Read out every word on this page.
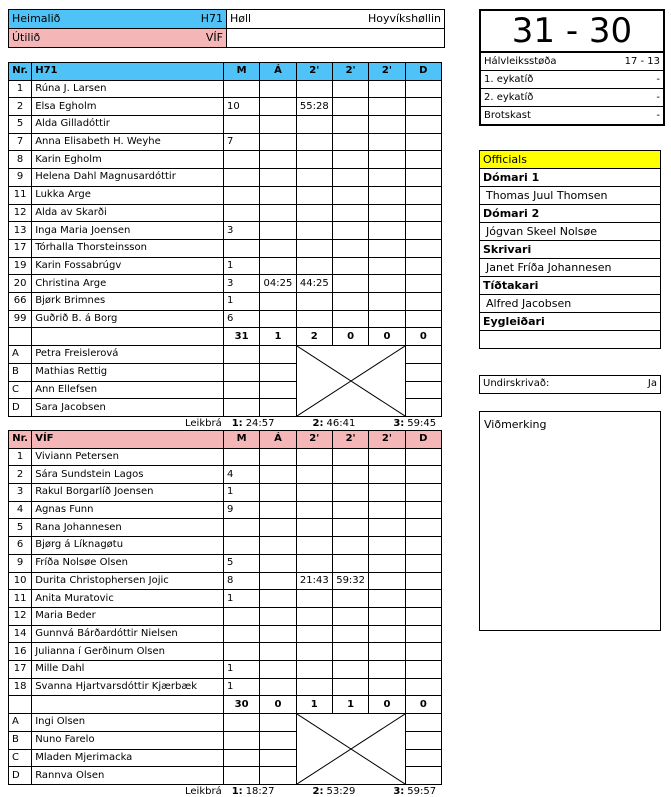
Heimalið H71	Høll Hoyvíkshøllin

Útilið VÍF	
		31 - 30
Hálvleiksstøða	17 - 13

1. eykatíð	-

2. eykatíð	-

Brotskast	-
Officials
Dómari 1
Thomas Juul Thomsen
Dómari 2
Jógvan Skeel Nolsøe
Skrivari
Janet Fríða Johannesen
Tíðtakari
Alfred Jacobsen
Eygleiðari

Undirskrivað:	Ja
Viðmerking
Nr.	H71	M	Á	2'	2'	2'	D
1	Rúna J. Larsen						
2	Elsa Egholm	10		55:28			
5	Alda Gilladóttir						
7	Anna Elisabeth H. Weyhe	7					
8	Karin Egholm						
9	Helena Dahl Magnusardóttir						
11	Lukka Arge						
12	Alda av Skarði						
13	Inga Maria Joensen	3					
17	Tórhalla Thorsteinsson						
19	Karin Fossabrúgv	1					
20	Christina Arge	3	04:25	44:25			
66	Bjørk Brimnes	1					
99	Guðrið B. á Borg	6					
		31	1	2	0	0	0
A	Petra Freislerová			

B	Mathias Rettig						
C	Ann Ellefsen						
D	Sara Jacobsen						
Leikbrá 1: 24:57	2: 46:41	3: 59:45
Nr.	VÍF	M	Á	2'	2'	2'	D
1	Viviann Petersen						
2	Sára Sundstein Lagos	4					
3	Rakul Borgarlíð Joensen	1					
4	Agnas Funn	9					
5	Rana Johannesen						
6	Bjørg á Líknagøtu						
9	Fríða Nolsøe Olsen	5					
10	Durita Christophersen Jojic	8		21:43	59:32		
11	Anita Muratovic	1					
12	Maria Beder						
14	Gunnvá Bárðardóttir Nielsen						
16	Julianna í Gerðinum Olsen						
17	Mille Dahl	1					
18	Svanna Hjartvarsdóttir Kjærbæk	1					
		30	0	1	1	0	0
A	Ingi Olsen			

B	Nuno Farelo						
C	Mladen Mjerimacka						
D	Rannva Olsen						
Leikbrá 1: 18:27	2: 53:29	3: 59:57
